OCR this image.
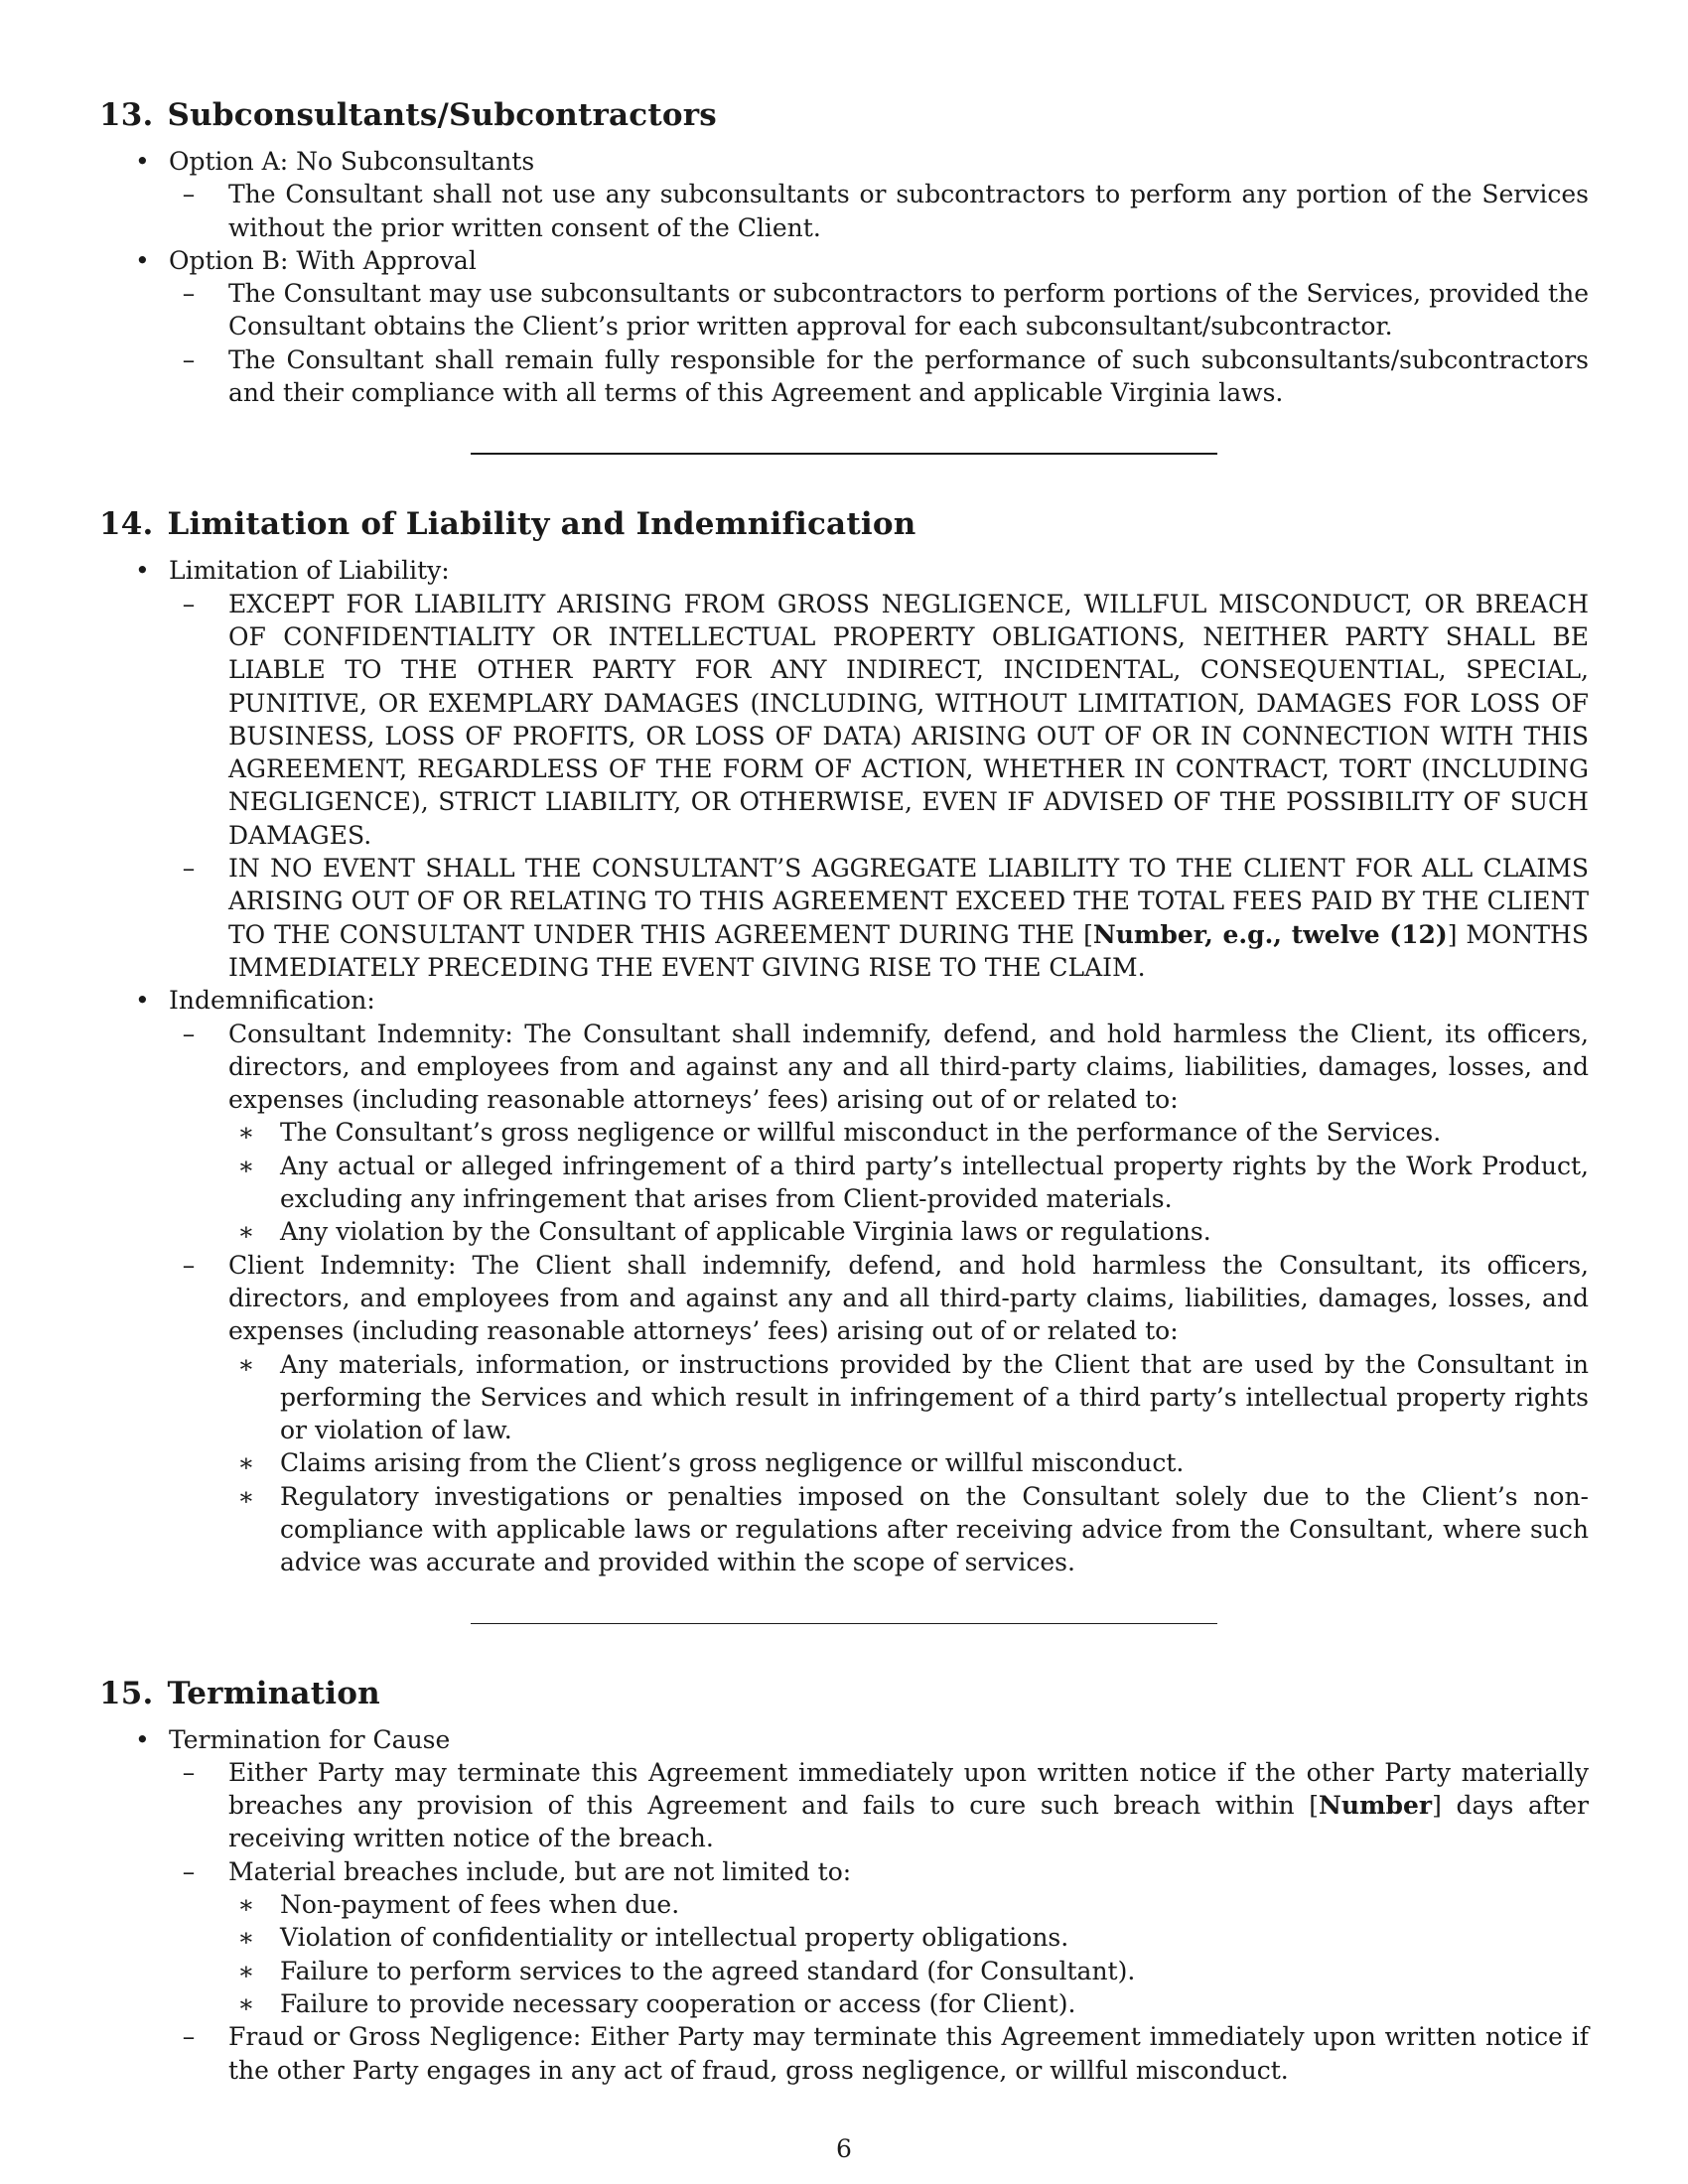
13. Subconsultants/Subcontractors
• Option A: No Subconsultants

–	The Consultant shall not use any subconsultants or subcontractors to perform any portion of the Services without the prior written consent of the Client.

• Option B: With Approval

–	The Consultant may use subconsultants or subcontractors to perform portions of the Services, provided the Consultant obtains the Client’s prior written approval for each subconsultant/subcontractor.

–	The Consultant shall remain fully responsible for the performance of such subconsultants/subcontractors and their compliance with all terms of this Agreement and applicable Virginia laws.

14. Limitation of Liability and Indemnification
• Limitation of Liability:

–	EXCEPT FOR LIABILITY ARISING FROM GROSS NEGLIGENCE, WILLFUL MISCONDUCT, OR BREACH OF CONFIDENTIALITY OR INTELLECTUAL PROPERTY OBLIGATIONS, NEITHER PARTY SHALL BE LIABLE TO THE OTHER PARTY FOR ANY INDIRECT, INCIDENTAL, CONSEQUENTIAL, SPECIAL, PUNITIVE, OR EXEMPLARY DAMAGES (INCLUDING, WITHOUT LIMITATION, DAMAGES FOR LOSS OF BUSINESS, LOSS OF PROFITS, OR LOSS OF DATA) ARISING OUT OF OR IN CONNECTION WITH THIS AGREEMENT, REGARDLESS OF THE FORM OF ACTION, WHETHER IN CONTRACT, TORT (INCLUDING NEGLIGENCE), STRICT LIABILITY, OR OTHERWISE, EVEN IF ADVISED OF THE POSSIBILITY OF SUCH DAMAGES.

–	IN NO EVENT SHALL THE CONSULTANT’S AGGREGATE LIABILITY TO THE CLIENT FOR ALL CLAIMS ARISING OUT OF OR RELATING TO THIS AGREEMENT EXCEED THE TOTAL FEES PAID BY THE CLIENT TO THE CONSULTANT UNDER THIS AGREEMENT DURING THE [Number, e.g., twelve (12)] MONTHS IMMEDIATELY PRECEDING THE EVENT GIVING RISE TO THE CLAIM.

• Indemnification:

–	Consultant Indemnity: The Consultant shall indemnify, defend, and hold harmless the Client, its officers, directors, and employees from and against any and all third-party claims, liabilities, damages, losses, and expenses (including reasonable attorneys’ fees) arising out of or related to:

∗	The Consultant’s gross negligence or willful misconduct in the performance of the Services.

∗	Any actual or alleged infringement of a third party’s intellectual property rights by the Work Product, excluding any infringement that arises from Client-provided materials.

∗	Any violation by the Consultant of applicable Virginia laws or regulations.

–	Client Indemnity: The Client shall indemnify, defend, and hold harmless the Consultant, its officers, directors, and employees from and against any and all third-party claims, liabilities, damages, losses, and expenses (including reasonable attorneys’ fees) arising out of or related to:

∗	Any materials, information, or instructions provided by the Client that are used by the Consultant in performing the Services and which result in infringement of a third party’s intellectual property rights or violation of law.

∗	Claims arising from the Client’s gross negligence or willful misconduct.

∗	Regulatory investigations or penalties imposed on the Consultant solely due to the Client’s non-compliance with applicable laws or regulations after receiving advice from the Consultant, where such advice was accurate and provided within the scope of services.

15. Termination
• Termination for Cause

–	Either Party may terminate this Agreement immediately upon written notice if the other Party materially breaches any provision of this Agreement and fails to cure such breach within [Number] days after receiving written notice of the breach.

–	Material breaches include, but are not limited to:

∗	Non-payment of fees when due.

∗	Violation of confidentiality or intellectual property obligations.

∗	Failure to perform services to the agreed standard (for Consultant).

∗	Failure to provide necessary cooperation or access (for Client).

–	Fraud or Gross Negligence: Either Party may terminate this Agreement immediately upon written notice if the other Party engages in any act of fraud, gross negligence, or willful misconduct.

6
